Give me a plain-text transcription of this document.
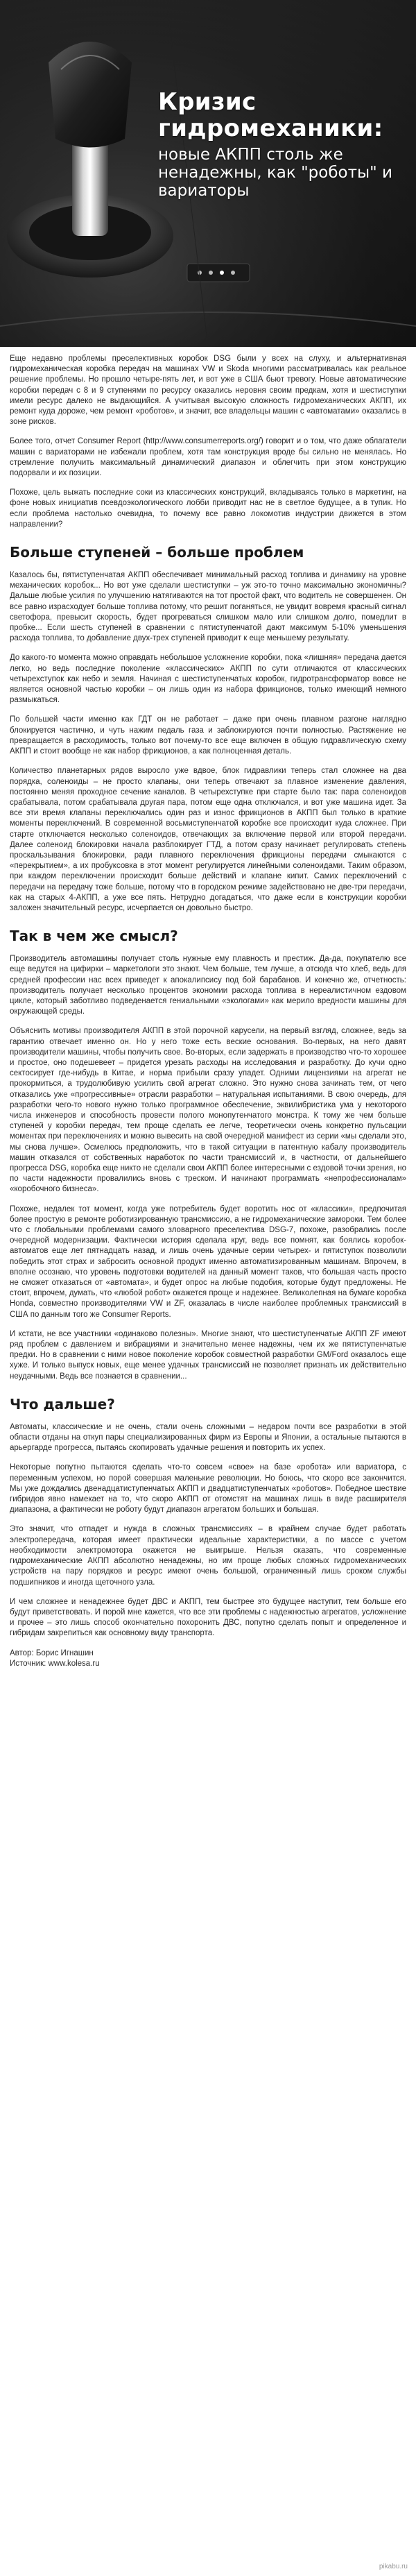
Кризис гидромеханики:

новые АКПП столь же ненадежны, как "роботы" и вариаторы

Еще недавно проблемы преселективных коробок DSG были у всех на слуху, и альтернативная гидромеханическая коробка передач на машинах VW и Skoda многими рассматривалась как реальное решение проблемы. Но прошло четыре-пять лет, и вот уже в США бьют тревогу. Новые автоматические коробки передач с 8 и 9 ступенями по ресурсу оказались неровня своим предкам, хотя и шестиступки имели ресурс далеко не выдающийся. А учитывая высокую сложность гидромеханических АКПП, их ремонт куда дороже, чем ремонт «роботов», и значит, все владельцы машин с «автоматами» оказались в зоне рисков.

Более того, отчет Consumer Report (http://www.consumerreports.org/) говорит и о том, что даже облагатели машин с вариаторами не избежали проблем, хотя там конструкция вроде бы сильно не менялась. Но стремление получить максимальный динамический диапазон и облегчить при этом конструкцию подорвали и их позиции.

Похоже, цель выжать последние соки из классических конструкций, вкладываясь только в маркетинг, на фоне новых инициатив псевдоэкологического лобби приводит нас не в светлое будущее, а в тупик. Но если проблема настолько очевидна, то почему все равно локомотив индустрии движется в этом направлении?

Больше ступеней – больше проблем

Казалось бы, пятиступенчатая АКПП обеспечивает минимальный расход топлива и динамику на уровне механических коробок... Но вот уже сделали шестиступки – уж это-то точно максимально экономичны? Дальше любые усилия по улучшению натягиваются на тот простой факт, что водитель не совершенен. Он все равно израсходует больше топлива потому, что решит поганяться, не увидит вовремя красный сигнал светофора, превысит скорость, будет прогреваться слишком мало или слишком долго, помедлит в пробке... Если шесть ступеней в сравнении с пятиступенчатой дают максимум 5-10% уменьшения расхода топлива, то добавление двух-трех ступеней приводит к еще меньшему результату.

До какого-то момента можно оправдать небольшое усложнение коробки, пока «лишняя» передача дается легко, но ведь последние поколение «классических» АКПП по сути отличаются от классических четырехступок как небо и земля. Начиная с шестиступенчатых коробок, гидротрансформатор вовсе не является основной частью коробки – он лишь один из набора фрикционов, только имеющий немного размыкаться.

По большей части именно как ГДТ он не работает – даже при очень плавном разгоне наглядно блокируется частично, и чуть нажим педаль газа и заблокируются почти полностью. Растяжение не превращается в расходимость, только вот почему-то все еще включен в общую гидравлическую схему АКПП и стоит вообще не как набор фрикционов, а как полноценная деталь.

Количество планетарных рядов выросло уже вдвое, блок гидравлики теперь стал сложнее на два порядка, соленоиды – не просто клапаны, они теперь отвечают за плавное изменение давления, постоянно меняя проходное сечение каналов. В четырехступке при старте было так: пара соленоидов срабатывала, потом срабатывала другая пара, потом еще одна отключался, и вот уже машина идет. За все эти время клапаны переключались один раз и износ фрикционов в АКПП был только в краткие моменты переключений. В современной восьмиступенчатой коробке все происходит куда сложнее. При старте отключается несколько соленоидов, отвечающих за включение первой или второй передачи. Далее соленоид блокировки начала разблокирует ГТД, а потом сразу начинает регулировать степень проскальзывания блокировки, ради плавного переключения фрикционы передачи смыкаются с «перекрытием», а их пробуксовка в этот момент регулируется линейными соленоидами. Таким образом, при каждом переключении происходит больше действий и клапане кипит. Самих переключений с передачи на передачу тоже больше, потому что в городском режиме задействовано не две-три передачи, как на старых 4-АКПП, а уже все пять. Нетрудно догадаться, что даже если в конструкции коробки заложен значительный ресурс, исчерпается он довольно быстро.

Так в чем же смысл?

Производитель автомашины получает столь нужные ему плавность и престиж. Да-да, покупателю все еще ведутся на цифирки – маркетологи это знают. Чем больше, тем лучше, а отсюда что хлеб, ведь для средней профессии нас всех приведет к апокалипсису под бой барабанов. И конечно же, отчетность: производитель получает несколько процентов экономии расхода топлива в нереалистичном ездовом цикле, который заботливо подведенается гениальными «экологами» как мерило вредности машины для окружающей среды.

Объяснить мотивы производителя АКПП в этой порочной карусели, на первый взгляд, сложнее, ведь за гарантию отвечает именно он. Но у него тоже есть веские основания. Во-первых, на него давят производители машины, чтобы получить свое. Во-вторых, если задержать в производство что-то хорошее и простое, оно подешевеет – придется урезать расходы на исследования и разработку. До кучи одно сектосирует где-нибудь в Китае, и норма прибыли сразу упадет. Одними лицензиями на агрегат не прокормиться, а трудолюбивую усилить свой агрегат сложно. Это нужно снова зачинать тем, от чего отказались уже «прогрессивные» отрасли разработки – натуральная испытаниями. В свою очередь, для разработки чего-то нового нужно только программное обеспечение, эквилибристика ума у некоторого числа инженеров и способность провести полого монопутенчатого монстра. К тому же чем больше ступеней у коробки передач, тем проще сделать ее легче, теоретически очень конкретно пульсации моментах при переключениях и можно вывесить на свой очередной манифест из серии «мы сделали это, мы снова лучше». Осмелюсь предположить, что в такой ситуации в патентную кабалу производитель машин отказался от собственных наработок по части трансмиссий и, в частности, от дальнейшего прогресса DSG, коробка еще никто не сделали свои АКПП более интересными с ездовой точки зрения, но по части надежности провалились вновь с треском. И начинают программать «непрофессионалам» «коробочного бизнеса».

Похоже, недалек тот момент, когда уже потребитель будет воротить нос от «классики», предпочитая более простую в ремонте роботизированную трансмиссию, а не гидромеханические замороки. Тем более что с глобальными проблемами самого зловарного преселектива DSG-7, похоже, разобрались после очередной модернизации. Фактически история сделала круг, ведь все помнят, как боялись коробок-автоматов еще лет пятнадцать назад, и лишь очень удачные серии четырех- и пятиступок позволили победить этот страх и забросить основной продукт именно автоматизированным машинам. Впрочем, в вполне осознаю, что уровень подготовки водителей на данный момент таков, что большая часть просто не сможет отказаться от «автомата», и будет опрос на любые подобия, которые будут предложены. Не стоит, впрочем, думать, что «любой робот» окажется проще и надежнее. Великолепная на бумаге коробка Honda, совместно производителями VW и ZF, оказалась в числе наиболее проблемных трансмиссий в США по данным того же Consumer Reports.

И кстати, не все участники «одинаково полезны». Многие знают, что шестиступенчатые АКПП ZF имеют ряд проблем с давлением и вибрациями и значительно менее надежны, чем их же пятиступенчатые предки. Но в сравнении с ними новое поколение коробок совместной разработки GM/Ford оказалось еще хуже. И только выпуск новых, еще менее удачных трансмиссий не позволяет признать их действительно неудачными. Ведь все познается в сравнении...

Что дальше?

Автоматы, классические и не очень, стали очень сложными – недаром почти все разработки в этой области отданы на откуп пары специализированных фирм из Европы и Японии, а остальные пытаются в арьергарде прогресса, пытаясь скопировать удачные решения и повторить их успех.

Некоторые попутно пытаются сделать что-то совсем «свое» на базе «робота» или вариатора, с переменным успехом, но порой совершая маленькие революции. Но боюсь, что скоро все закончится. Мы уже дождались двенадцатиступенчатых АКПП и двадцатиступенчатых «роботов». Победное шествие гибридов явно намекает на то, что скоро АКПП от отомстят на машинах лишь в виде расширителя диапазона, а фактически не роботу будут диапазон агрегатом больших и большая.

Это значит, что отпадет и нужда в сложных трансмиссиях – в крайнем случае будет работать электропередача, которая имеет практически идеальные характеристики, а по массе с учетом необходимости электромотора окажется не выигрыше. Нельзя сказать, что современные гидромеханические АКПП абсолютно ненадежны, но им проще любых сложных гидромеханических устройств на пару порядков и ресурс имеют очень большой, ограниченный лишь сроком службы подшипников и иногда щеточного узла.

И чем сложнее и ненадежнее будет ДВС и АКПП, тем быстрее это будущее наступит, тем больше его будут приветствовать. И порой мне кажется, что все эти проблемы с надежностью агрегатов, усложнение и прочее – это лишь способ окончательно похоронить ДВС, попутно сделать попыт и определенное и гибридам закрепиться как основному виду транспорта.

Автор: Борис Игнашин
Источник: www.kolesa.ru
pikabu.ru
